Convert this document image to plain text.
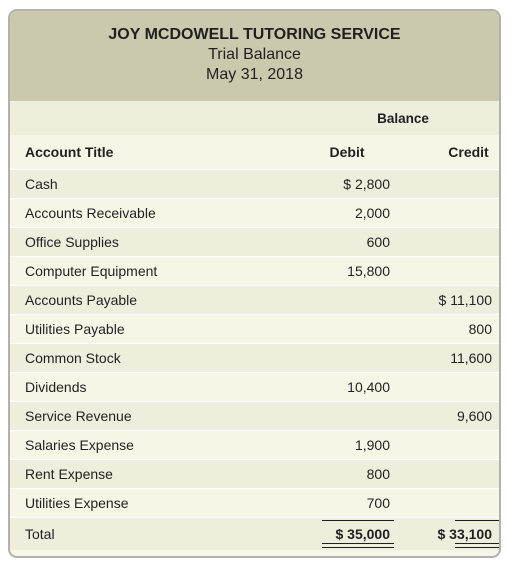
JOY MCDOWELL TUTORING SERVICE
Trial Balance
May 31, 2018
Balance
Account Title	Debit		Credit
Cash	$ 2,800		
Accounts Receivable	2,000		
Office Supplies	600		
Computer Equipment	15,800		
Accounts Payable			$ 11,100
Utilities Payable			800
Common Stock			11,600
Dividends	10,400		
Service Revenue			9,600
Salaries Expense	1,900		
Rent Expense	800		
Utilities Expense	700		
Total	$ 35,000		$ 33,100
